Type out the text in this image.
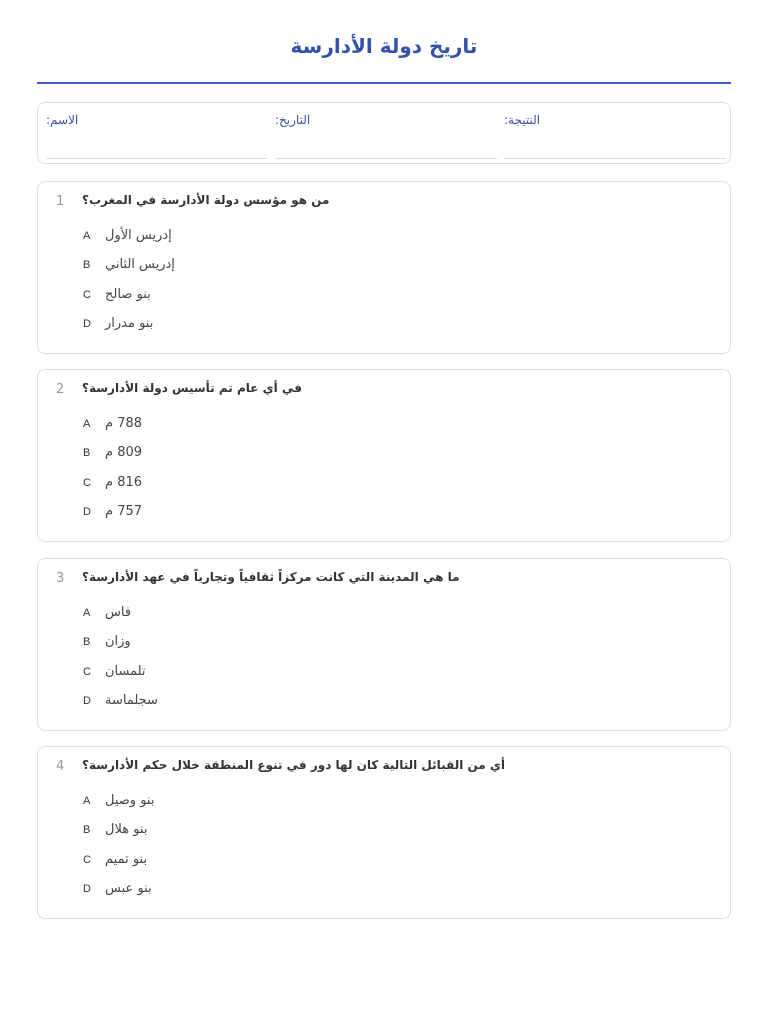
تاريخ دولة الأدارسة
:الاسم	:التاريخ	:النتيجة
1 من هو مؤسس دولة الأدارسة في المغرب؟
A إدريس الأول
B إدريس الثاني
C بنو صالح
D بنو مدرار
2 في أي عام تم تأسيس دولة الأدارسة؟
A 788 م
B 809 م
C 816 م
D 757 م
3 ما هي المدينة التي كانت مركزاً ثقافياً وتجارياً في عهد الأدارسة؟
A فاس
B وزان
C تلمسان
D سجلماسة
4 أي من القبائل التالية كان لها دور في تنوع المنطقة خلال حكم الأدارسة؟
A بنو وصيل
B بنو هلال
C بنو تميم
D بنو عبس
